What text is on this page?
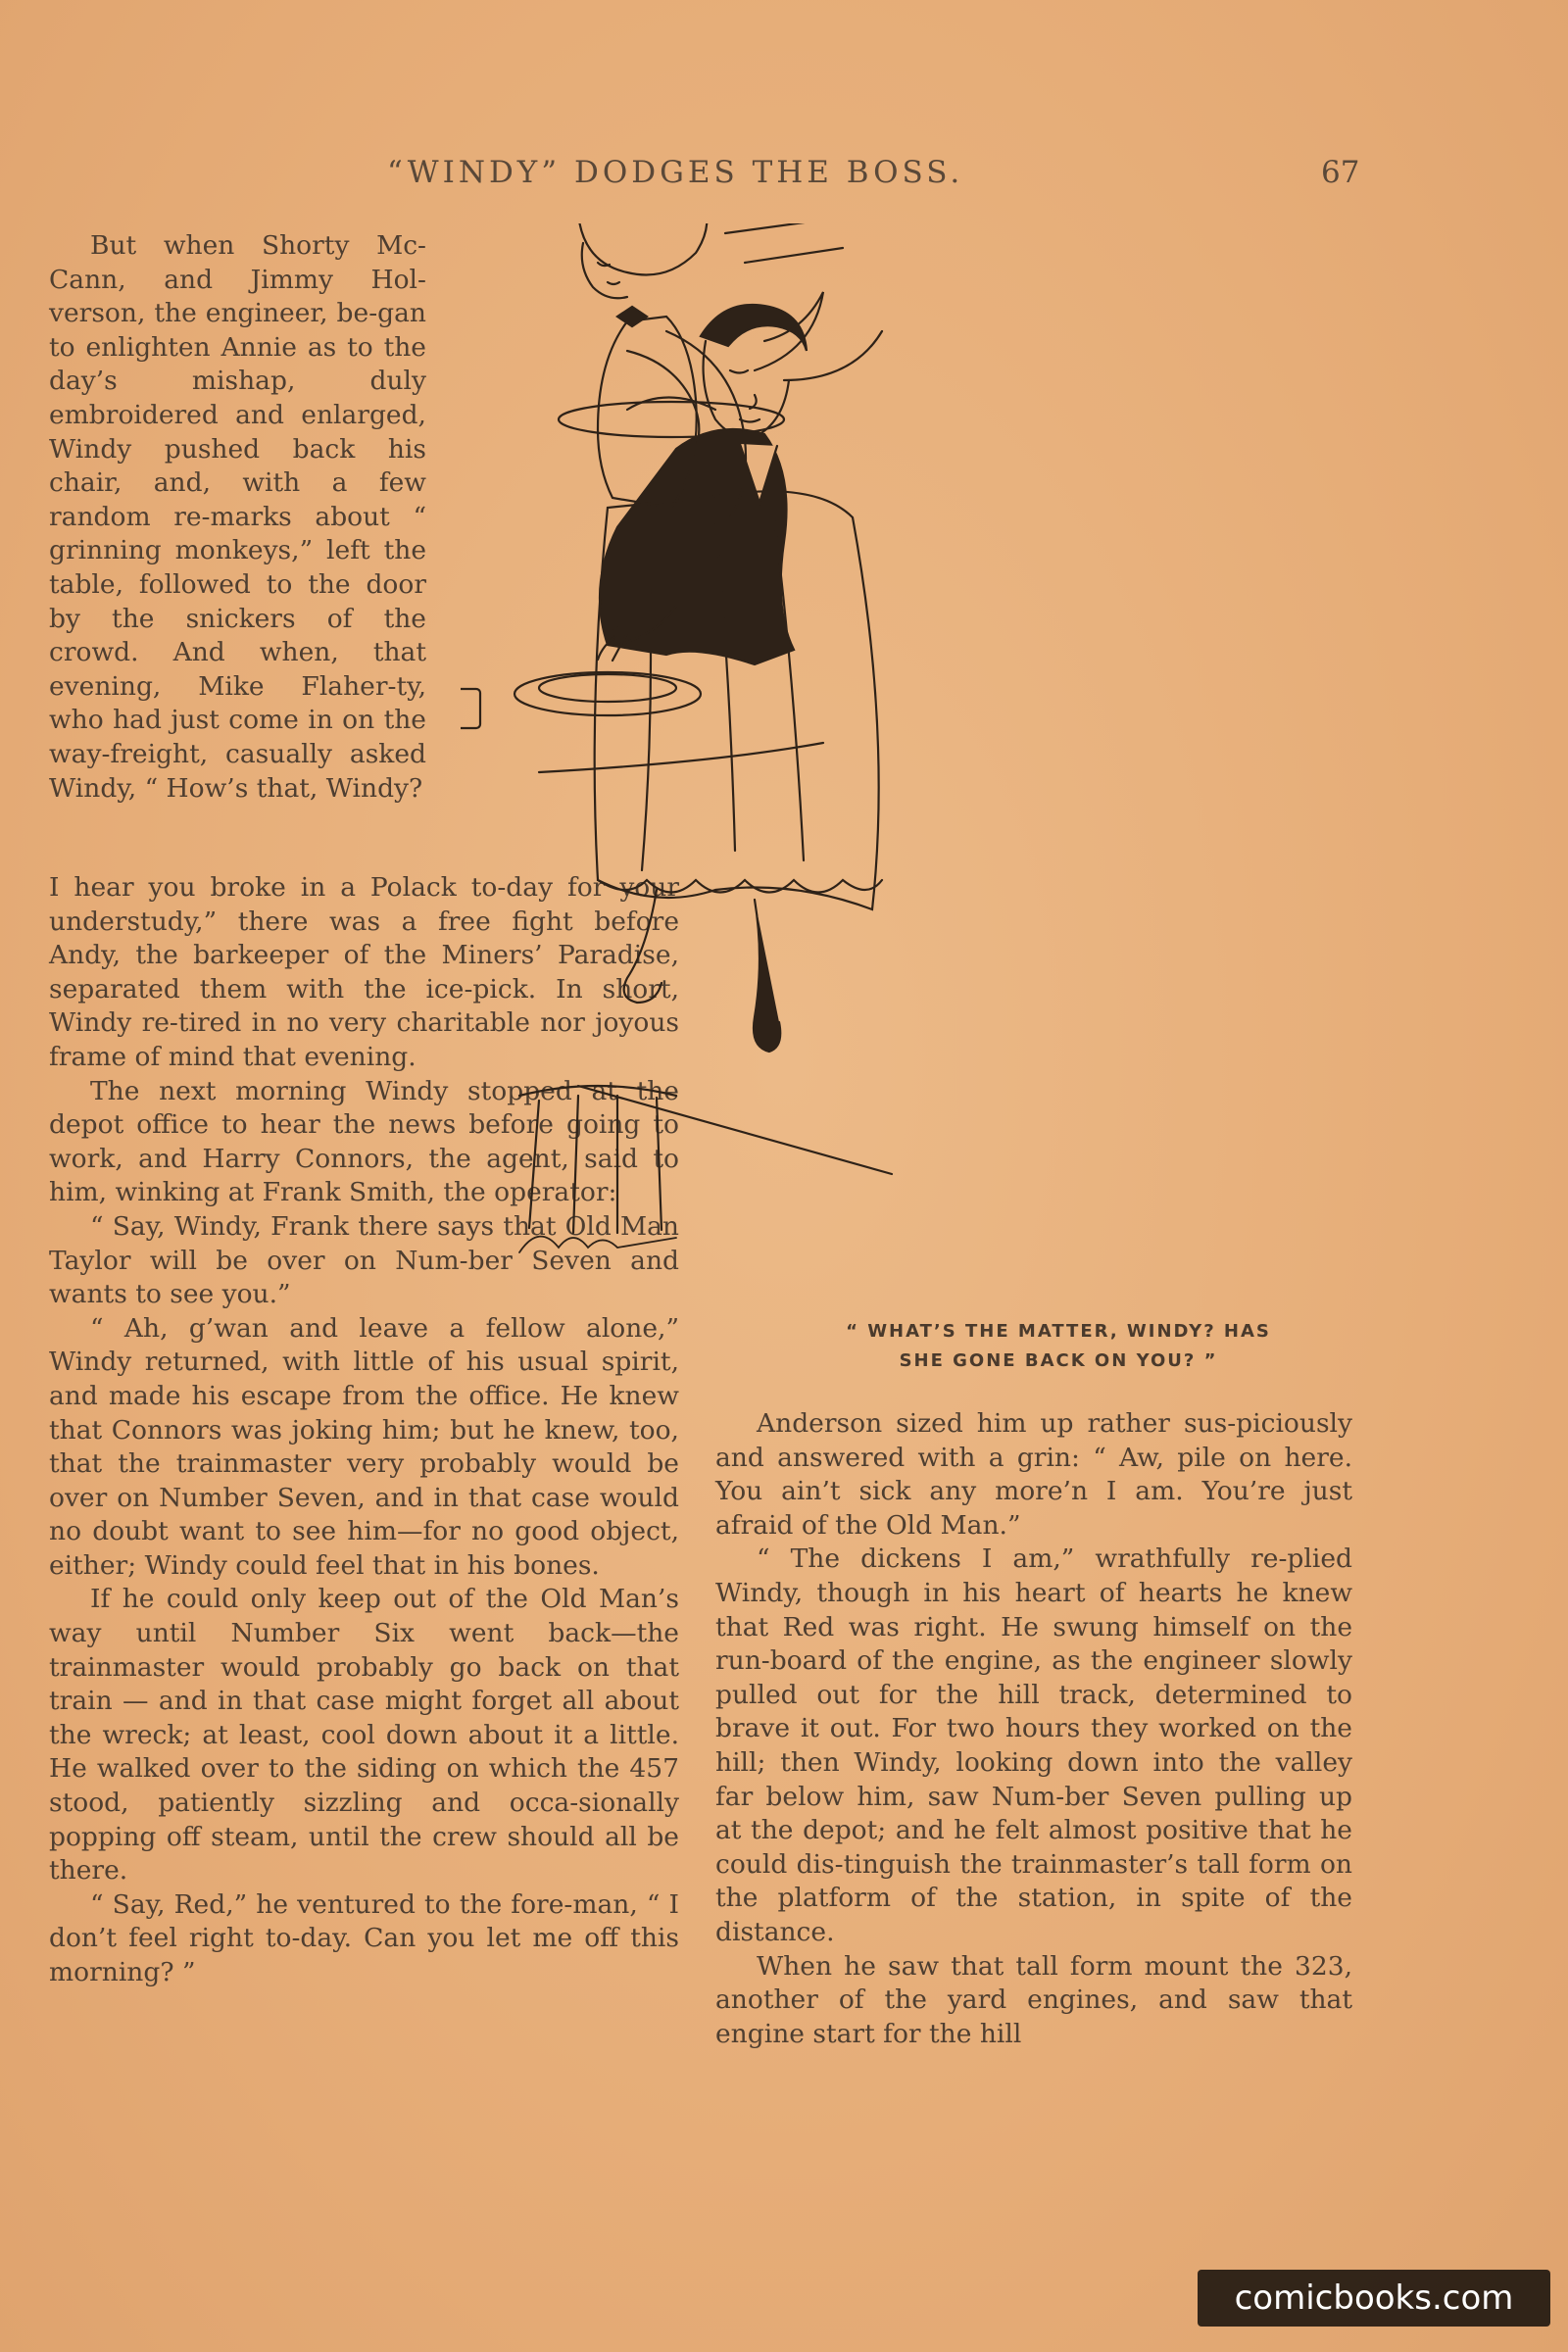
“WINDY” DODGES THE BOSS.	67

But when Shorty Mc-Cann, and Jimmy Hol-verson, the engineer, be-gan to enlighten Annie as to the day’s mishap, duly embroidered and enlarged, Windy pushed back his chair, and, with a few random re-marks about “ grinning monkeys,” left the table, followed to the door by the snickers of the crowd. And when, that evening, Mike Flaher-ty, who had just come in on the way-freight, casually asked Windy, “ How’s that, Windy?

I hear you broke in a Polack to-day for your understudy,” there was a free fight before Andy, the barkeeper of the Miners’ Paradise, separated them with the ice-pick. In short, Windy re-tired in no very charitable nor joyous frame of mind that evening.

The next morning Windy stopped at the depot office to hear the news before going to work, and Harry Connors, the agent, said to him, winking at Frank Smith, the operator:

“ Say, Windy, Frank there says that Old Man Taylor will be over on Num-ber Seven and wants to see you.”

“ Ah, g’wan and leave a fellow alone,” Windy returned, with little of his usual spirit, and made his escape from the office. He knew that Connors was joking him; but he knew, too, that the trainmaster very probably would be over on Number Seven, and in that case would no doubt want to see him—for no good object, either; Windy could feel that in his bones.

If he could only keep out of the Old Man’s way until Number Six went back—the trainmaster would probably go back on that train — and in that case might forget all about the wreck; at least, cool down about it a little. He walked over to the siding on which the 457 stood, patiently sizzling and occa-sionally popping off steam, until the crew should all be there.

“ Say, Red,” he ventured to the fore-man, “ I don’t feel right to-day. Can you let me off this morning? ”

“ WHAT’S THE MATTER, WINDY? HAS
SHE GONE BACK ON YOU? ”

Anderson sized him up rather sus-piciously and answered with a grin: “ Aw, pile on here. You ain’t sick any more’n I am. You’re just afraid of the Old Man.”

“ The dickens I am,” wrathfully re-plied Windy, though in his heart of hearts he knew that Red was right. He swung himself on the run-board of the engine, as the engineer slowly pulled out for the hill track, determined to brave it out. For two hours they worked on the hill; then Windy, looking down into the valley far below him, saw Num-ber Seven pulling up at the depot; and he felt almost positive that he could dis-tinguish the trainmaster’s tall form on the platform of the station, in spite of the distance.

When he saw that tall form mount the 323, another of the yard engines, and saw that engine start for the hill

comicbooks.com
